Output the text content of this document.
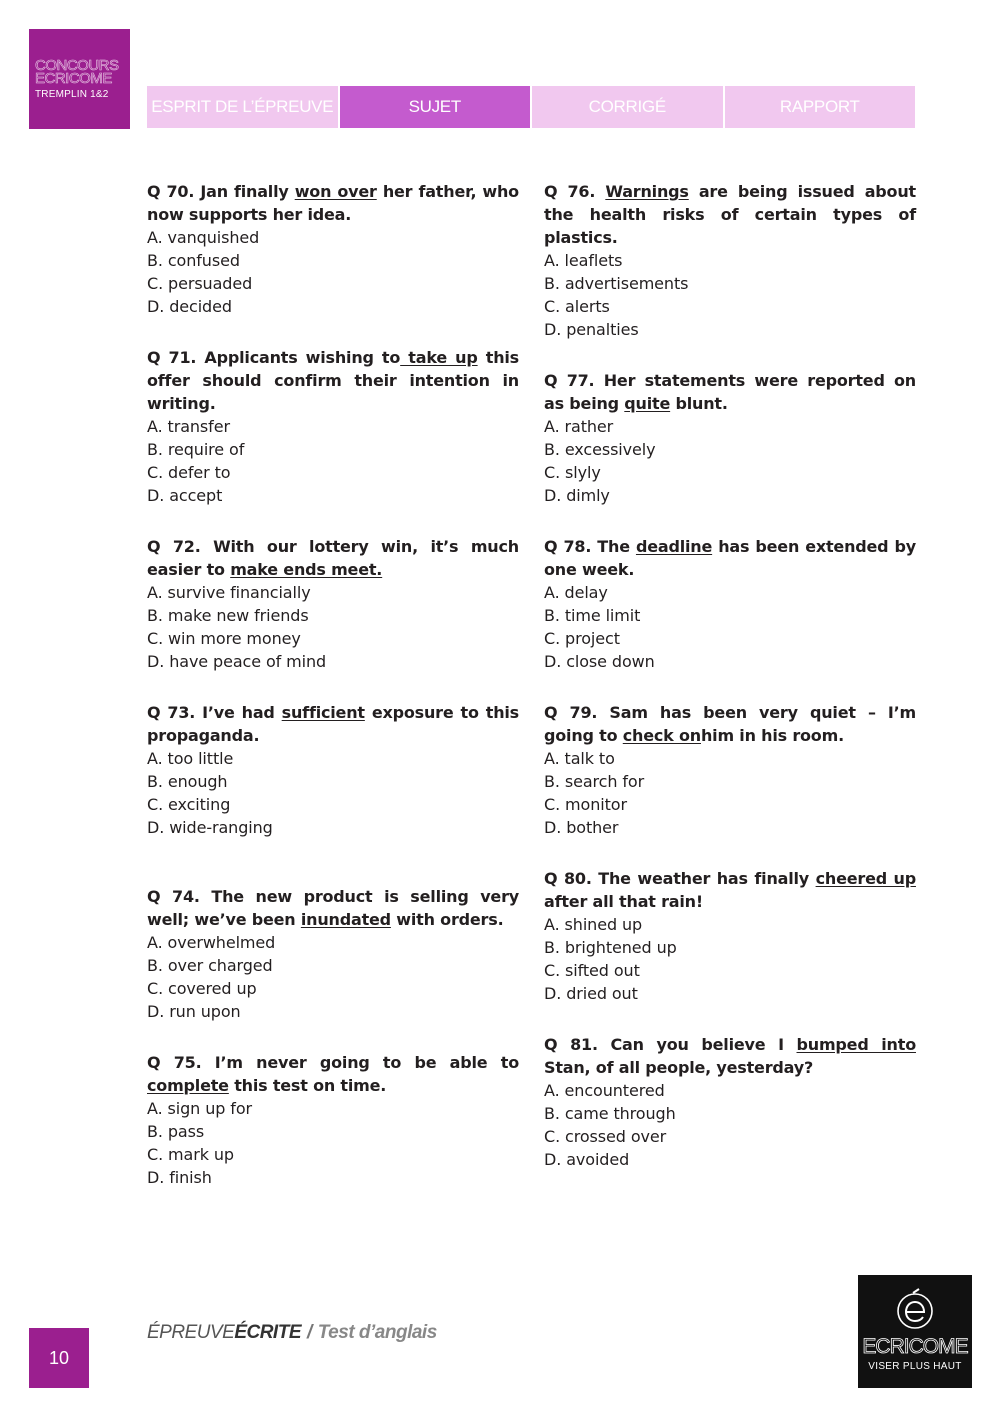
CONCOURS
ECRICOME
TREMPLIN 1&2
ESPRIT DE L’ÉPREUVE	SUJET	CORRIGÉ	RAPPORT
Q 70. Jan finally won over her father, who now supports her idea.
A. vanquished
B. confused
C. persuaded
D. decided
Q 71. Applicants wishing to take up this offer should confirm their intention in writing.
A. transfer
B. require of
C. defer to
D. accept
Q 72. With our lottery win, it’s much easier to make ends meet.
A. survive financially
B. make new friends
C. win more money
D. have peace of mind
Q 73. I’ve had sufficient exposure to this propaganda.
A. too little
B. enough
C. exciting
D. wide-ranging
Q 74. The new product is selling very well; we’ve been inundated with orders.
A. overwhelmed
B. over charged
C. covered up
D. run upon
Q 75. I’m never going to be able to complete this test on time.
A. sign up for
B. pass
C. mark up
D. finish
Q 76. Warnings are being issued about the health risks of certain types of plastics.
A. leaflets
B. advertisements
C. alerts
D. penalties
Q 77. Her statements were reported on as being quite blunt.
A. rather
B. excessively
C. slyly
D. dimly
Q 78. The deadline has been extended by one week.
A. delay
B. time limit
C. project
D. close down
Q 79. Sam has been very quiet – I’m going to check onhim in his room.
A. talk to
B. search for
C. monitor
D. bother
Q 80. The weather has finally cheered up after all that rain!
A. shined up
B. brightened up
C. sifted out
D. dried out
Q 81. Can you believe I bumped into Stan, of all people, yesterday?
A. encountered
B. came through
C. crossed over
D. avoided
10
ÉPREUVEÉCRITE / Test d’anglais
ECRICOME
VISER PLUS HAUT
